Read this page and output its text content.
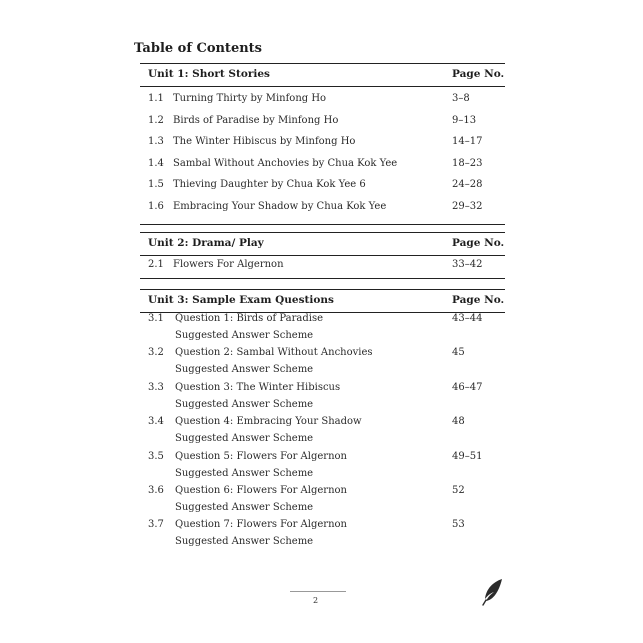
Table of Contents
Unit 1: Short Stories	Page No.
1.1 Turning Thirty by Minfong Ho	3–8
1.2 Birds of Paradise by Minfong Ho	9–13
1.3 The Winter Hibiscus by Minfong Ho	14–17
1.4 Sambal Without Anchovies by Chua Kok Yee	18–23
1.5 Thieving Daughter by Chua Kok Yee 6	24–28
1.6 Embracing Your Shadow by Chua Kok Yee	29–32
Unit 2: Drama/ Play	Page No.
2.1 Flowers For Algernon	33–42
Unit 3: Sample Exam Questions	Page No.
3.1 Question 1: Birds of Paradise	43–44
Suggested Answer Scheme
3.2 Question 2: Sambal Without Anchovies	45
Suggested Answer Scheme
3.3 Question 3: The Winter Hibiscus	46–47
Suggested Answer Scheme
3.4 Question 4: Embracing Your Shadow	48
Suggested Answer Scheme
3.5 Question 5: Flowers For Algernon	49–51
Suggested Answer Scheme
3.6 Question 6: Flowers For Algernon	52
Suggested Answer Scheme
3.7 Question 7: Flowers For Algernon	53
Suggested Answer Scheme
2
